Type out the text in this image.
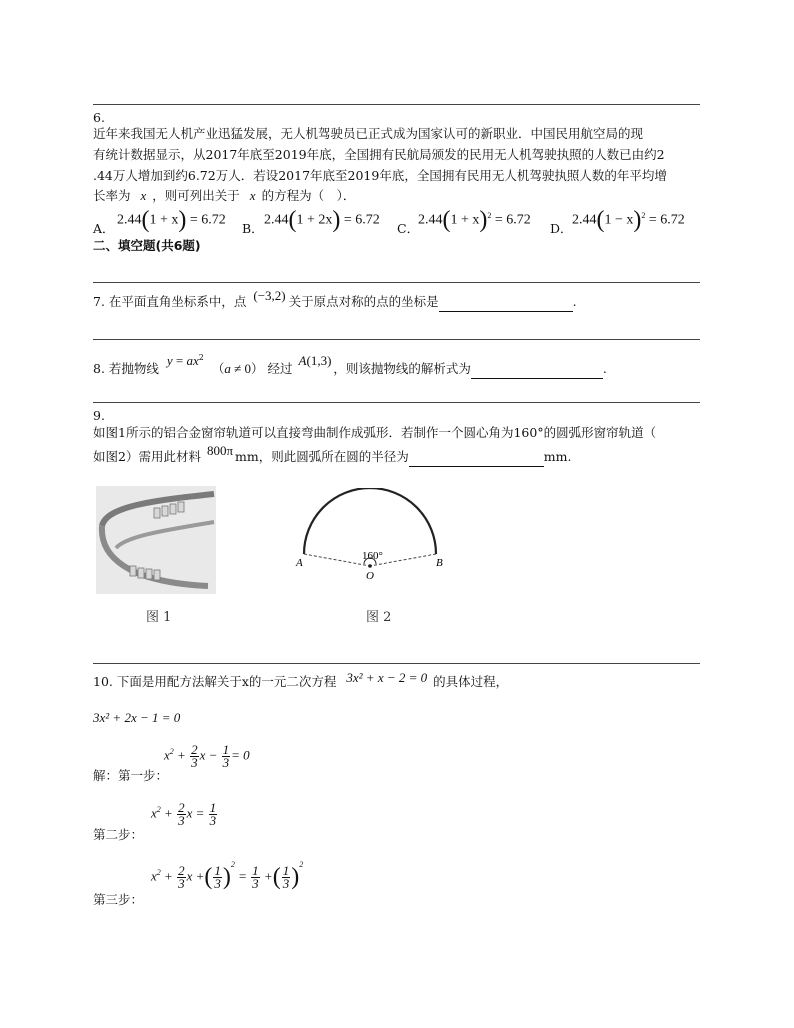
6.
近年来我国无人机产业迅猛发展，无人机驾驶员已正式成为国家认可的新职业．中国民用航空局的现
有统计数据显示，从2017年底至2019年底，全国拥有民航局颁发的民用无人机驾驶执照的人数已由约2
.44万人增加到约6.72万人．若设2017年底至2019年底，全国拥有民用无人机驾驶执照人数的年平均增
长率为 x ，则可列出关于 x 的方程为（　）．
A．
2.44(1 + x) = 6.72
B．
2.44(1 + 2x) = 6.72
C．
$2.44(1 + x)^2 = 6.72$
D．
$2.44(1 - x)^2 = 6.72$
二、填空题(共6题)
7. 在平面直角坐标系中，点 (−3,2) 关于原点对称的点的坐标是	.
8. 若抛物线 $y = ax^2$ （a ≠ 0） 经过 A(1,3)，则该抛物线的解析式为	.
9.
如图1所示的铝合金窗帘轨道可以直接弯曲制作成弧形．若制作一个圆心角为160°的圆弧形窗帘轨道（
如图2）需用此材料 800π mm，则此圆弧所在圆的半径为	mm.
图 1
160°
A
O
B
图 2
10. 下面是用配方法解关于x的一元二次方程 3x² + x − 2 = 0 的具体过程，
3x² + 2x − 1 = 0
$x^2 + \frac{2}{3}$ $x - \frac{1}{3} = 0$
解：第一步：
$x^2 + \frac{2}{3}$ $x = \frac{1}{3}$
第二步：
$x^2 + \frac{2}{3}$ x +( $\frac{1}{3} )^2 = \frac{1}{3}$ +( $\frac{1}{3} )^2$
第三步：
